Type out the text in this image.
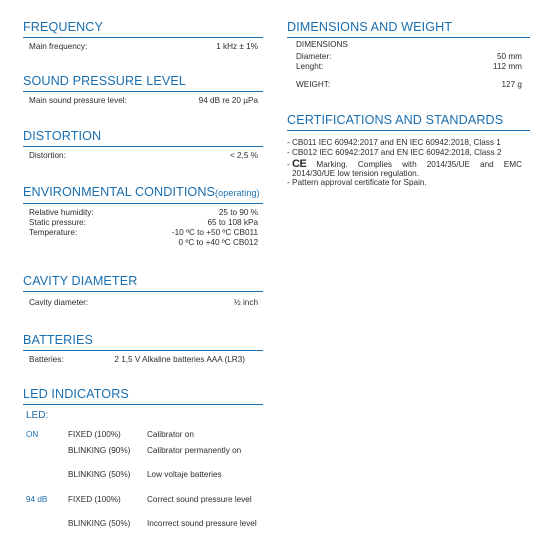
FREQUENCY
Main frequency:	1 kHz ± 1%
SOUND PRESSURE LEVEL
Main sound pressure level:	94 dB re 20 µPa
DISTORTION
Distortion:	< 2,5 %
ENVIRONMENTAL CONDITIONS(operating)
Relative humidity:	25 to 90 %
Static pressure:	65 to 108 kPa
Temperature:	-10 ºC to +50 ºC CB011
0 ºC to +40 ºC CB012
CAVITY DIAMETER
Cavity diameter:	½ inch
BATTERIES
Batteries:	2 1,5 V Alkaline batteries AAA (LR3)
LED INDICATORS
LED:
ON	FIXED (100%)	Calibrator on
BLINKING (90%) Calibrator permanently on
BLINKING (50%) Low voltaje batteries
94 dB	FIXED (100%)	Correct sound pressure level
BLINKING (50%) Incorrect sound pressure level
DIMENSIONS AND WEIGHT
DIMENSIONS
Diameter:	50 mm
Lenght:	112 mm
WEIGHT:	127 g
CERTIFICATIONS AND STANDARDS
- CB011 IEC 60942:2017 and EN IEC 60942:2018, Class 1
- CB012 IEC 60942:2017 and EN IEC 60942:2018, Class 2
- CE Marking. Complies with 2014/35/UE and EMC
2014/30/UE low tension regulation.
- Pattern approval certificate for Spain.
